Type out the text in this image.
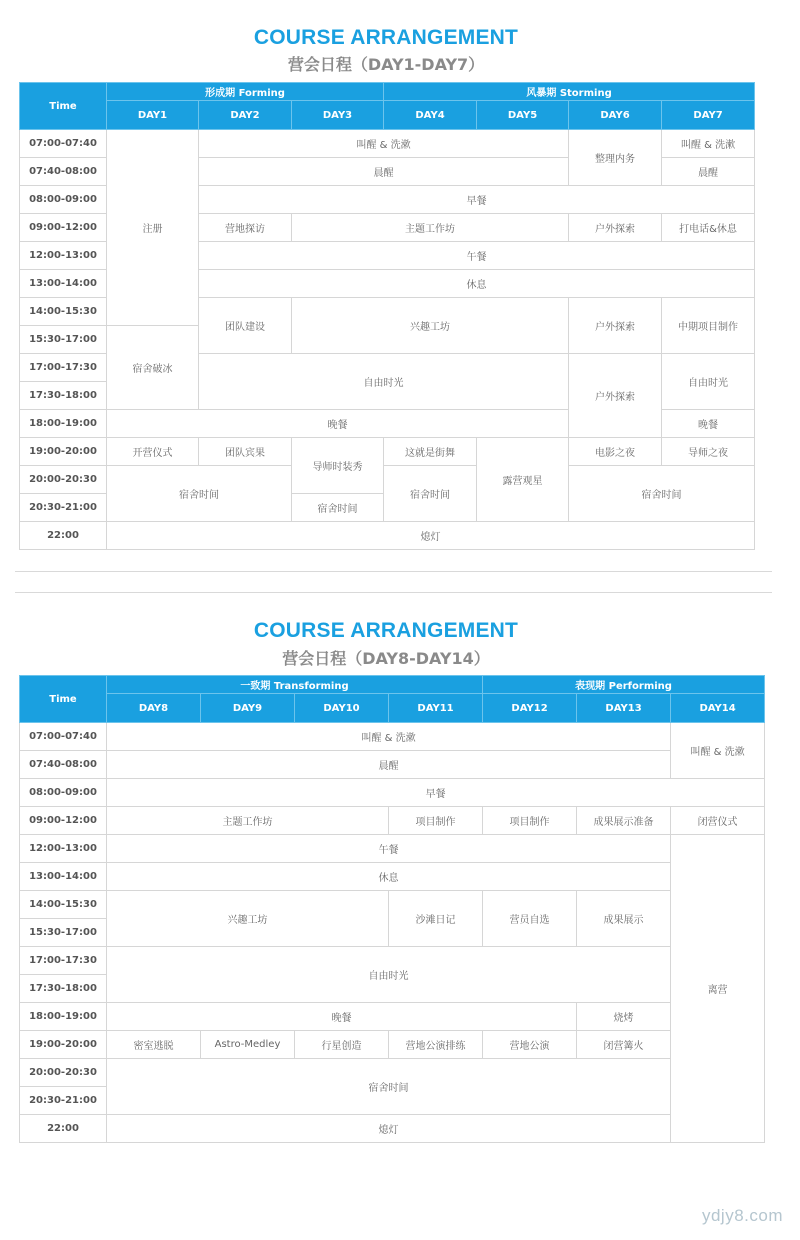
COURSE ARRANGEMENT
营会日程（DAY1-DAY7）
Time	形成期 Forming			风暴期 Storming			
	DAY1	DAY2	DAY3	DAY4	DAY5	DAY6	DAY7
07:00-07:40	注册	叫醒 & 洗漱				整理内务	叫醒 & 洗漱
07:40-08:00		晨醒					晨醒
08:00-09:00		早餐					
09:00-12:00		营地探访	主题工作坊			户外探索	打电话&休息
12:00-13:00		午餐					
13:00-14:00		休息					
14:00-15:30		团队建设	兴趣工坊			户外探索	中期项目制作
15:30-17:00	宿舍破冰						
17:00-17:30		自由时光				户外探索	自由时光
17:30-18:00							
18:00-19:00	晚餐						晚餐
19:00-20:00	开营仪式	团队宾果	导师时装秀	这就是街舞	露营观星	电影之夜	导师之夜
20:00-20:30	宿舍时间			宿舍时间		宿舍时间	
20:30-21:00			宿舍时间				
22:00	熄灯						
COURSE ARRANGEMENT
营会日程（DAY8-DAY14）
Time	一致期 Transforming				表现期 Performing		
	DAY8	DAY9	DAY10	DAY11	DAY12	DAY13	DAY14
07:00-07:40	叫醒 & 洗漱						叫醒 & 洗漱
07:40-08:00	晨醒						
08:00-09:00	早餐						
09:00-12:00	主题工作坊			项目制作	项目制作	成果展示准备	闭营仪式
12:00-13:00	午餐						离营
13:00-14:00	休息						
14:00-15:30	兴趣工坊			沙滩日记	营员自选	成果展示	
15:30-17:00							
17:00-17:30	自由时光						
17:30-18:00							
18:00-19:00	晚餐					烧烤	
19:00-20:00	密室逃脱	Astro-Medley	行星创造	营地公演排练	营地公演	闭营篝火	
20:00-20:30	宿舍时间						
20:30-21:00							
22:00	熄灯						
ydjy8.com
